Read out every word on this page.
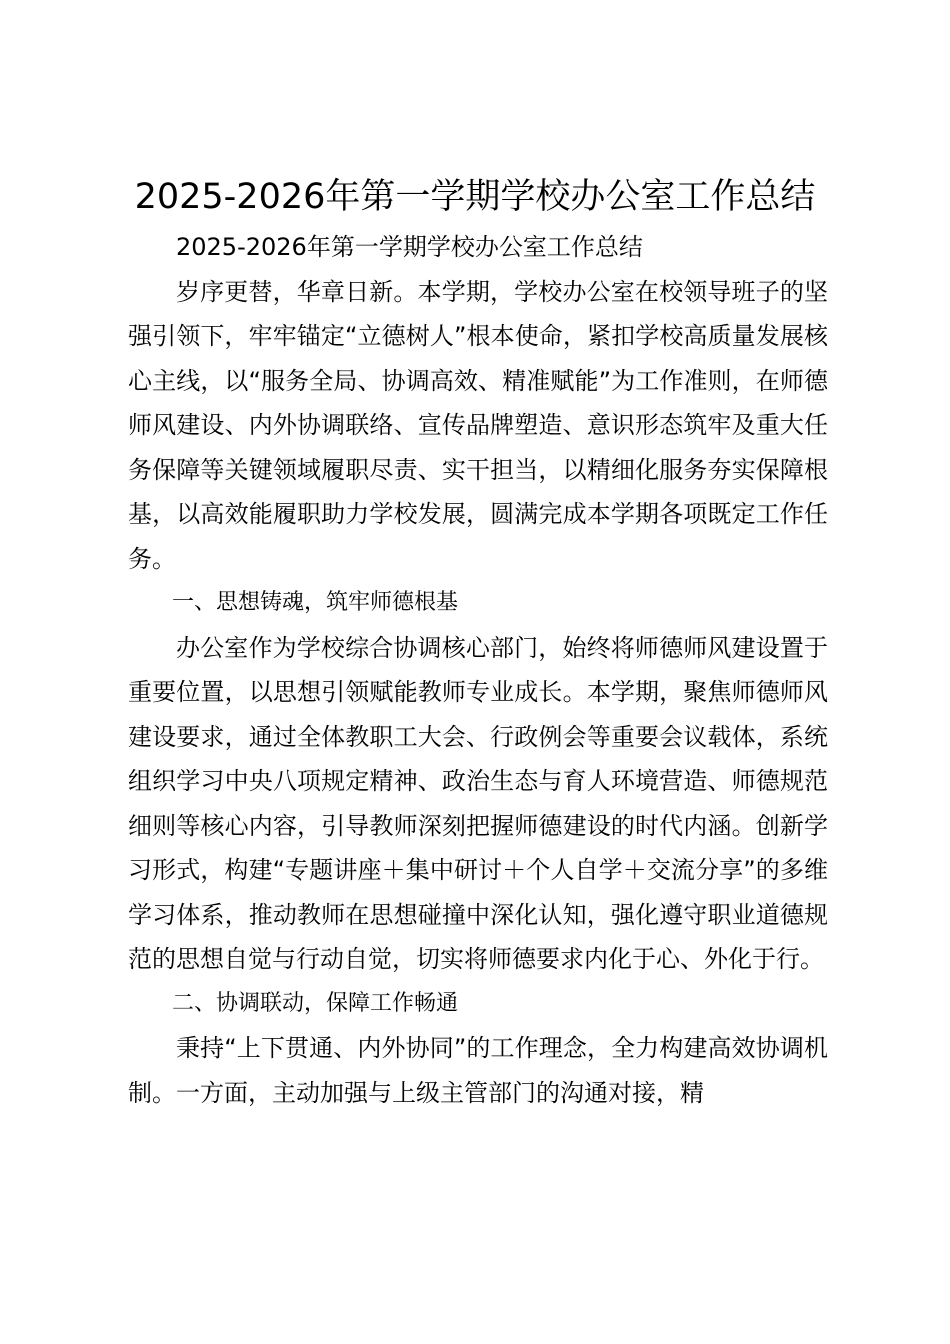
2025-2026年第一学期学校办公室工作总结

2025-2026年第一学期学校办公室工作总结

岁序更替，华章日新。本学期，学校办公室在校领导班子的坚强引领下，牢牢锚定“立德树人”根本使命，紧扣学校高质量发展核心主线，以“服务全局、协调高效、精准赋能”为工作准则，在师德师风建设、内外协调联络、宣传品牌塑造、意识形态筑牢及重大任务保障等关键领域履职尽责、实干担当，以精细化服务夯实保障根基，以高效能履职助力学校发展，圆满完成本学期各项既定工作任务。

一、思想铸魂，筑牢师德根基

办公室作为学校综合协调核心部门，始终将师德师风建设置于重要位置，以思想引领赋能教师专业成长。本学期，聚焦师德师风建设要求，通过全体教职工大会、行政例会等重要会议载体，系统组织学习中央八项规定精神、政治生态与育人环境营造、师德规范细则等核心内容，引导教师深刻把握师德建设的时代内涵。创新学习形式，构建“专题讲座＋集中研讨＋个人自学＋交流分享”的多维学习体系，推动教师在思想碰撞中深化认知，强化遵守职业道德规范的思想自觉与行动自觉，切实将师德要求内化于心、外化于行。

二、协调联动，保障工作畅通

秉持“上下贯通、内外协同”的工作理念，全力构建高效协调机制。一方面，主动加强与上级主管部门的沟通对接，精
